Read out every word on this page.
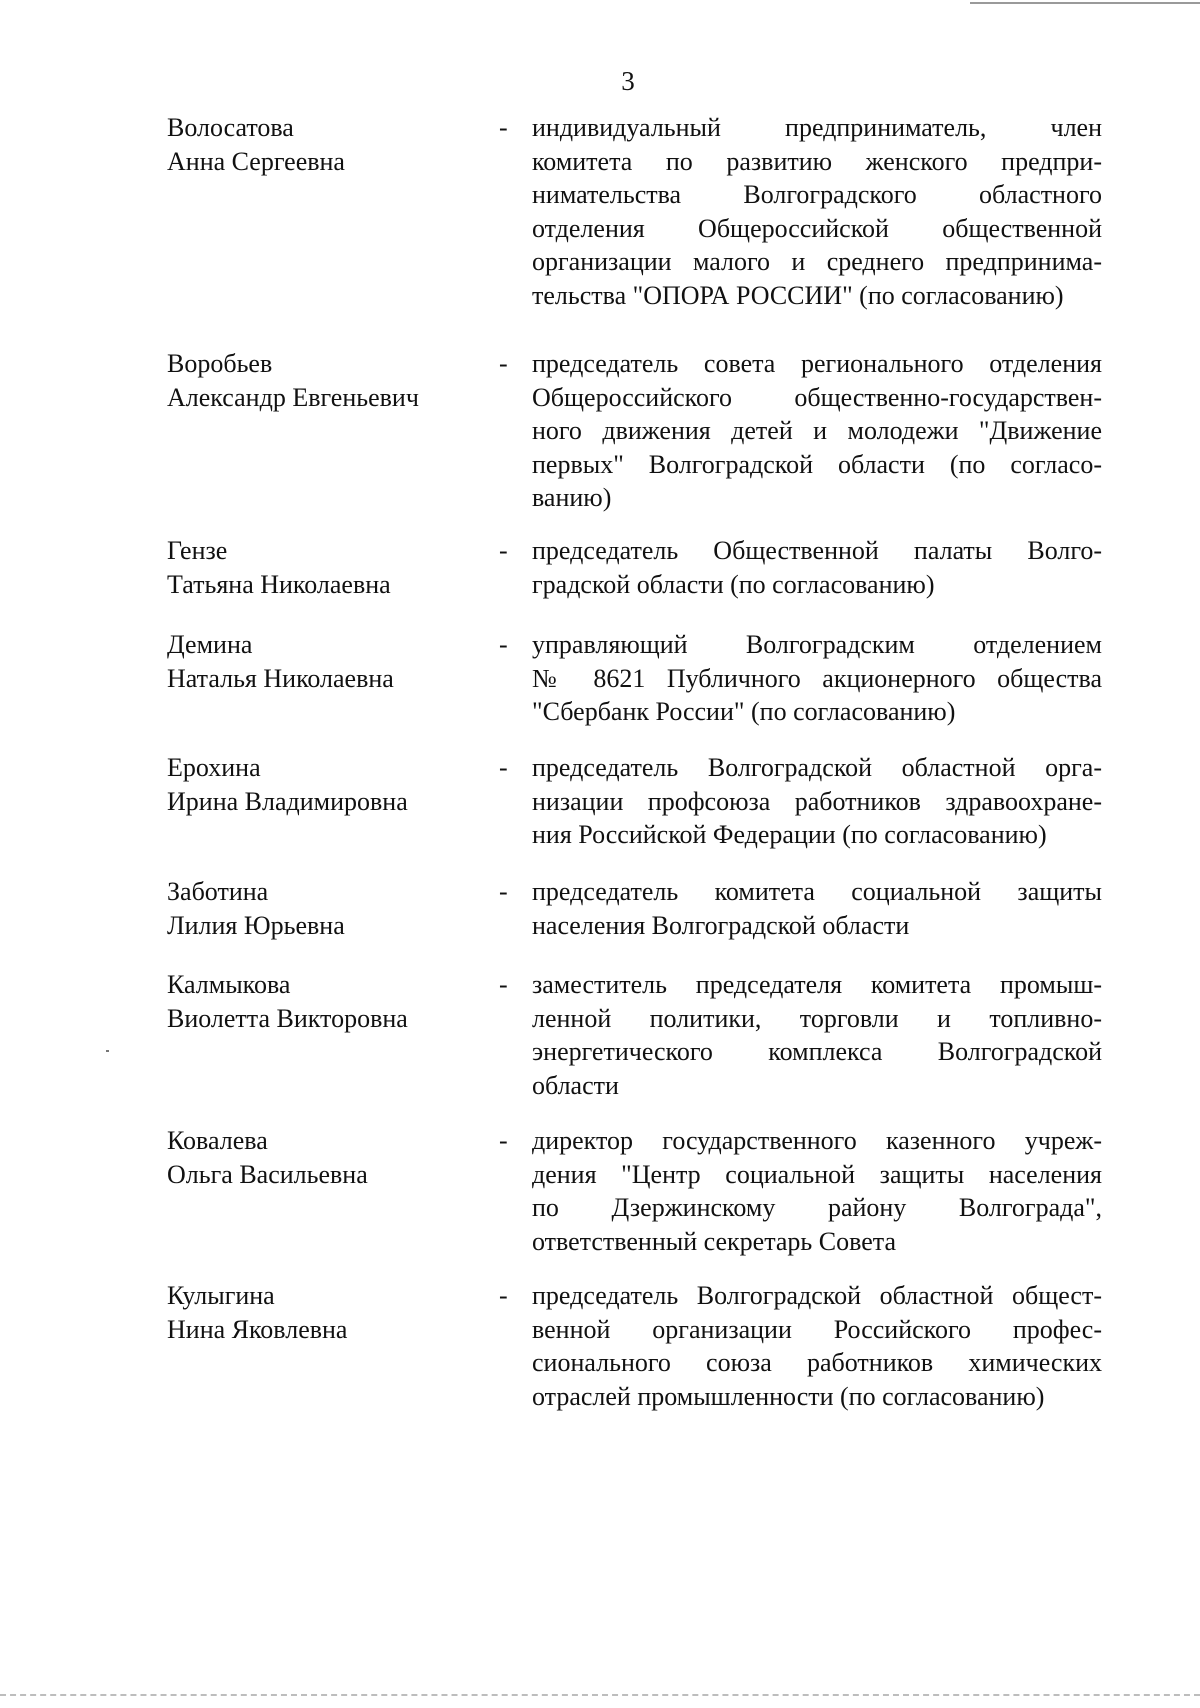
3
Волосатова
Анна Сергеевна
- индивидуальный предприниматель, член
комитета по развитию женского предпри-
нимательства Волгоградского областного
отделения Общероссийской общественной
организации малого и среднего предпринима-
тельства "ОПОРА РОССИИ" (по согласованию)
Воробьев
Александр Евгеньевич
- председатель совета регионального отделения
Общероссийского общественно-государствен-
ного движения детей и молодежи "Движение
первых" Волгоградской области (по согласо-
ванию)
Гензе
Татьяна Николаевна
- председатель Общественной палаты Волго-
градской области (по согласованию)
Демина
Наталья Николаевна
- управляющий Волгоградским отделением
№ 8621 Публичного акционерного общества
"Сбербанк России" (по согласованию)
Ерохина
Ирина Владимировна
- председатель Волгоградской областной орга-
низации профсоюза работников здравоохране-
ния Российской Федерации (по согласованию)
Заботина
Лилия Юрьевна
- председатель комитета социальной защиты
населения Волгоградской области
Калмыкова
Виолетта Викторовна
- заместитель председателя комитета промыш-
ленной политики, торговли и топливно-
энергетического комплекса Волгоградской
области
Ковалева
Ольга Васильевна
- директор государственного казенного учреж-
дения "Центр социальной защиты населения
по Дзержинскому району Волгограда",
ответственный секретарь Совета
Кулыгина
Нина Яковлевна
- председатель Волгоградской областной общест-
венной организации Российского профес-
сионального союза работников химических
отраслей промышленности (по согласованию)
